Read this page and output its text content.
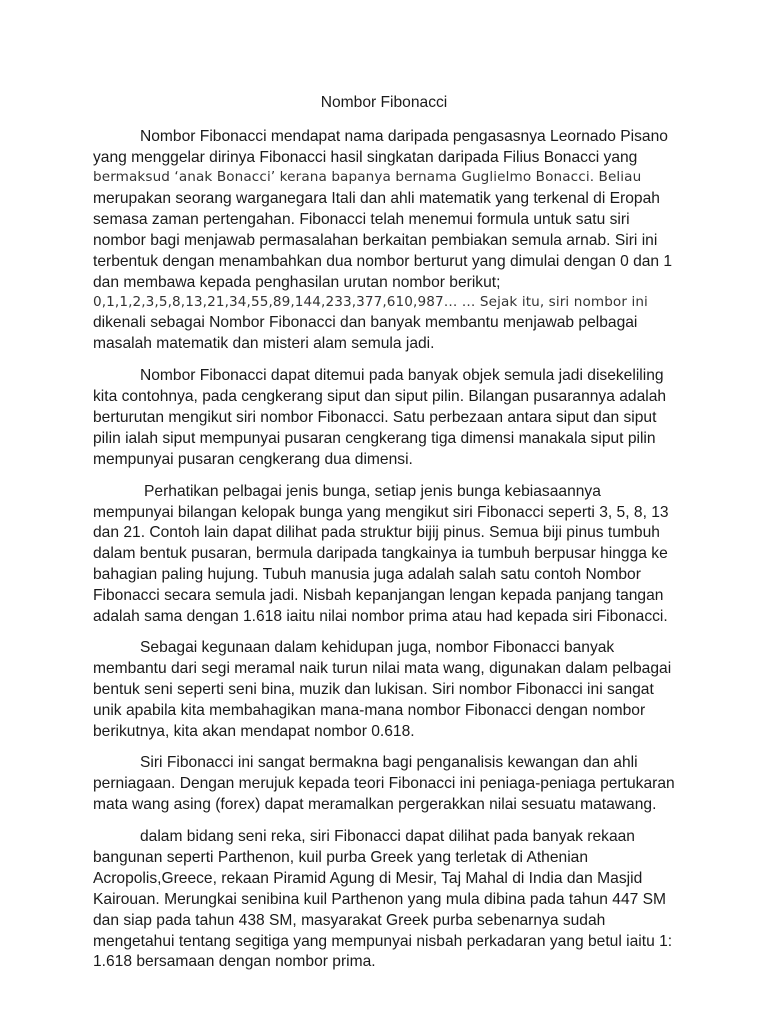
Nombor Fibonacci

Nombor Fibonacci mendapat nama daripada pengasasnya Leornado Pisano

yang menggelar dirinya Fibonacci hasil singkatan daripada Filius Bonacci yang

bermaksud ‘anak Bonacci’ kerana bapanya bernama Guglielmo Bonacci. Beliau

merupakan seorang warganegara Itali dan ahli matematik yang terkenal di Eropah

semasa zaman pertengahan. Fibonacci telah menemui formula untuk satu siri

nombor bagi menjawab permasalahan berkaitan pembiakan semula arnab. Siri ini

terbentuk dengan menambahkan dua nombor berturut yang dimulai dengan 0 dan 1

dan membawa kepada penghasilan urutan nombor berikut;

0,1,1,2,3,5,8,13,21,34,55,89,144,233,377,610,987… … Sejak itu, siri nombor ini

dikenali sebagai Nombor Fibonacci dan banyak membantu menjawab pelbagai

masalah matematik dan misteri alam semula jadi.

Nombor Fibonacci dapat ditemui pada banyak objek semula jadi disekeliling

kita contohnya, pada cengkerang siput dan siput pilin. Bilangan pusarannya adalah

berturutan mengikut siri nombor Fibonacci. Satu perbezaan antara siput dan siput

pilin ialah siput mempunyai pusaran cengkerang tiga dimensi manakala siput pilin

mempunyai pusaran cengkerang dua dimensi.

Perhatikan pelbagai jenis bunga, setiap jenis bunga kebiasaannya

mempunyai bilangan kelopak bunga yang mengikut siri Fibonacci seperti 3, 5, 8, 13

dan 21. Contoh lain dapat dilihat pada struktur bijij pinus. Semua biji pinus tumbuh

dalam bentuk pusaran, bermula daripada tangkainya ia tumbuh berpusar hingga ke

bahagian paling hujung. Tubuh manusia juga adalah salah satu contoh Nombor

Fibonacci secara semula jadi. Nisbah kepanjangan lengan kepada panjang tangan

adalah sama dengan 1.618 iaitu nilai nombor prima atau had kepada siri Fibonacci.

Sebagai kegunaan dalam kehidupan juga, nombor Fibonacci banyak

membantu dari segi meramal naik turun nilai mata wang, digunakan dalam pelbagai

bentuk seni seperti seni bina, muzik dan lukisan. Siri nombor Fibonacci ini sangat

unik apabila kita membahagikan mana-mana nombor Fibonacci dengan nombor

berikutnya, kita akan mendapat nombor 0.618.

Siri Fibonacci ini sangat bermakna bagi penganalisis kewangan dan ahli

perniagaan. Dengan merujuk kepada teori Fibonacci ini peniaga-peniaga pertukaran

mata wang asing (forex) dapat meramalkan pergerakkan nilai sesuatu matawang.

dalam bidang seni reka, siri Fibonacci dapat dilihat pada banyak rekaan

bangunan seperti Parthenon, kuil purba Greek yang terletak di Athenian

Acropolis,Greece, rekaan Piramid Agung di Mesir, Taj Mahal di India dan Masjid

Kairouan. Merungkai senibina kuil Parthenon yang mula dibina pada tahun 447 SM

dan siap pada tahun 438 SM, masyarakat Greek purba sebenarnya sudah

mengetahui tentang segitiga yang mempunyai nisbah perkadaran yang betul iaitu 1:

1.618 bersamaan dengan nombor prima.
